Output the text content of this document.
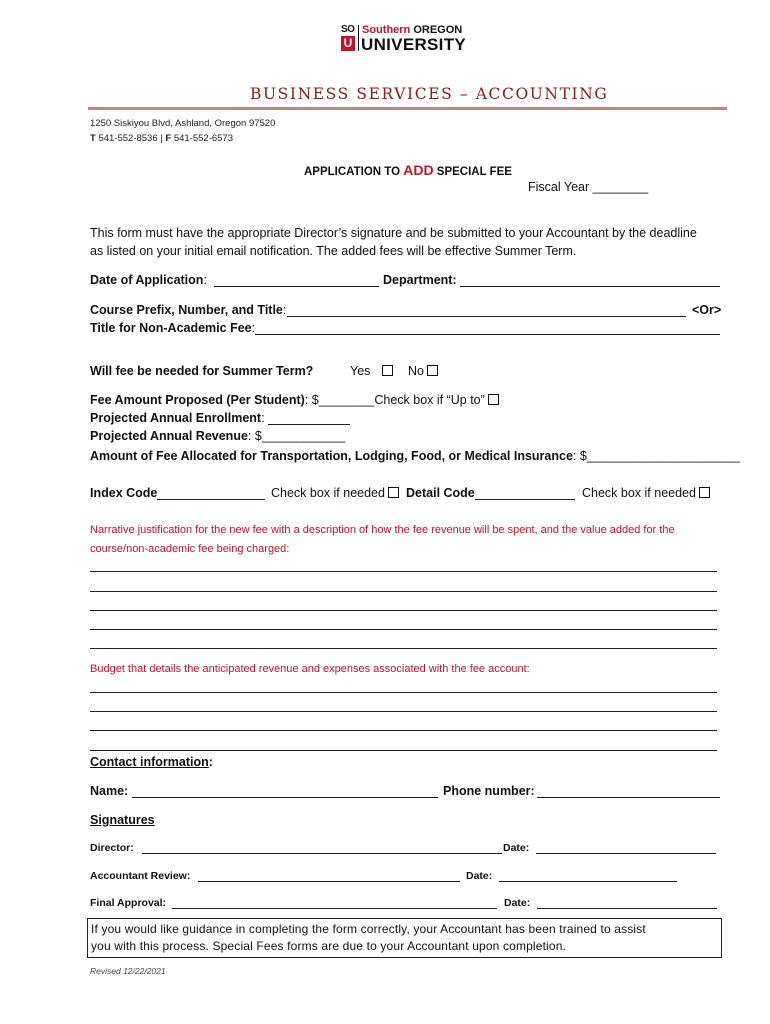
SO
U
Southern OREGON
UNIVERSITY
BUSINESS SERVICES – ACCOUNTING
1250 Siskiyou Blvd, Ashland, Oregon 97520
T 541-552-8536 | F 541-552-6573
APPLICATION TO ADD SPECIAL FEE
Fiscal Year ________
This form must have the appropriate Director’s signature and be submitted to your Accountant by the deadline
as listed on your initial email notification. The added fees will be effective Summer Term.
Date of Application:	Department:
Course Prefix, Number, and Title:	<Or>
Title for Non-Academic Fee:
Will fee be needed for Summer Term?	Yes	No
Fee Amount Proposed (Per Student): $________Check box if “Up to”
Projected Annual Enrollment:
Projected Annual Revenue: $____________
Amount of Fee Allocated for Transportation, Lodging, Food, or Medical Insurance: $______________________
Index Code	Check box if needed	Detail Code	Check box if needed
Narrative justification for the new fee with a description of how the fee revenue will be spent, and the value added for the
course/non-academic fee being charged:
Budget that details the anticipated revenue and expenses associated with the fee account:
Contact information:
Name:	Phone number:
Signatures
Director:	Date:
Accountant Review:	Date:
Final Approval:	Date:
If you would like guidance in completing the form correctly, your Accountant has been trained to assist
you with this process. Special Fees forms are due to your Accountant upon completion.
Revised 12/22/2021
